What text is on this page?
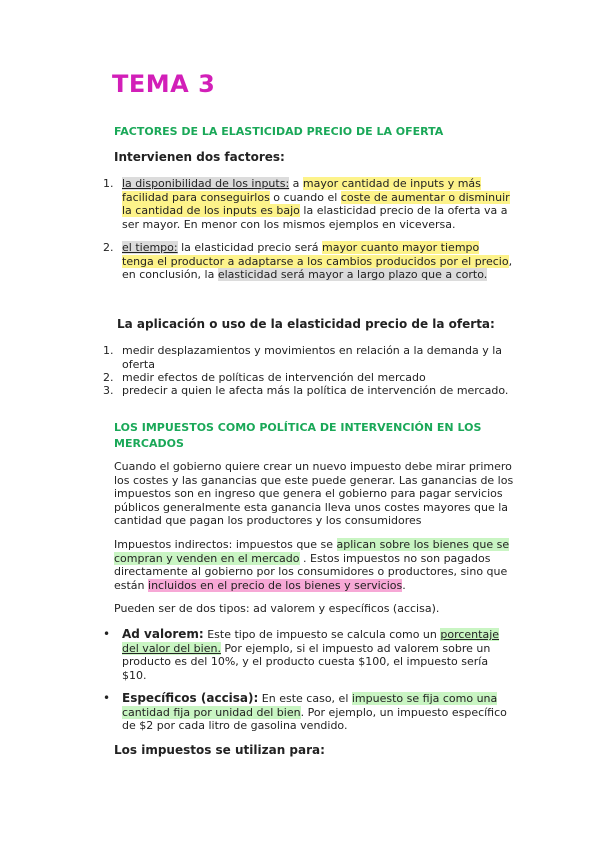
TEMA 3
FACTORES DE LA ELASTICIDAD PRECIO DE LA OFERTA
Intervienen dos factores:
1. la disponibilidad de los inputs: a mayor cantidad de inputs y más facilidad para conseguirlos o cuando el coste de aumentar o disminuir la cantidad de los inputs es bajo la elasticidad precio de la oferta va a ser mayor. En menor con los mismos ejemplos en viceversa.
2. el tiempo: la elasticidad precio será mayor cuanto mayor tiempo tenga el productor a adaptarse a los cambios producidos por el precio, en conclusión, la elasticidad será mayor a largo plazo que a corto.
La aplicación o uso de la elasticidad precio de la oferta:
1. medir desplazamientos y movimientos en relación a la demanda y la oferta
2. medir efectos de políticas de intervención del mercado
3. predecir a quien le afecta más la política de intervención de mercado.
LOS IMPUESTOS COMO POLÍTICA DE INTERVENCIÓN EN LOS MERCADOS
Cuando el gobierno quiere crear un nuevo impuesto debe mirar primero los costes y las ganancias que este puede generar. Las ganancias de los impuestos son en ingreso que genera el gobierno para pagar servicios públicos generalmente esta ganancia lleva unos costes mayores que la cantidad que pagan los productores y los consumidores
Impuestos indirectos: impuestos que se aplican sobre los bienes que se compran y venden en el mercado . Estos impuestos no son pagados directamente al gobierno por los consumidores o productores, sino que están incluidos en el precio de los bienes y servicios.
Pueden ser de dos tipos: ad valorem y específicos (accisa).
• Ad valorem: Este tipo de impuesto se calcula como un porcentaje del valor del bien. Por ejemplo, si el impuesto ad valorem sobre un producto es del 10%, y el producto cuesta $100, el impuesto sería $10.
• Específicos (accisa): En este caso, el impuesto se fija como una cantidad fija por unidad del bien. Por ejemplo, un impuesto específico de $2 por cada litro de gasolina vendido.
Los impuestos se utilizan para:
